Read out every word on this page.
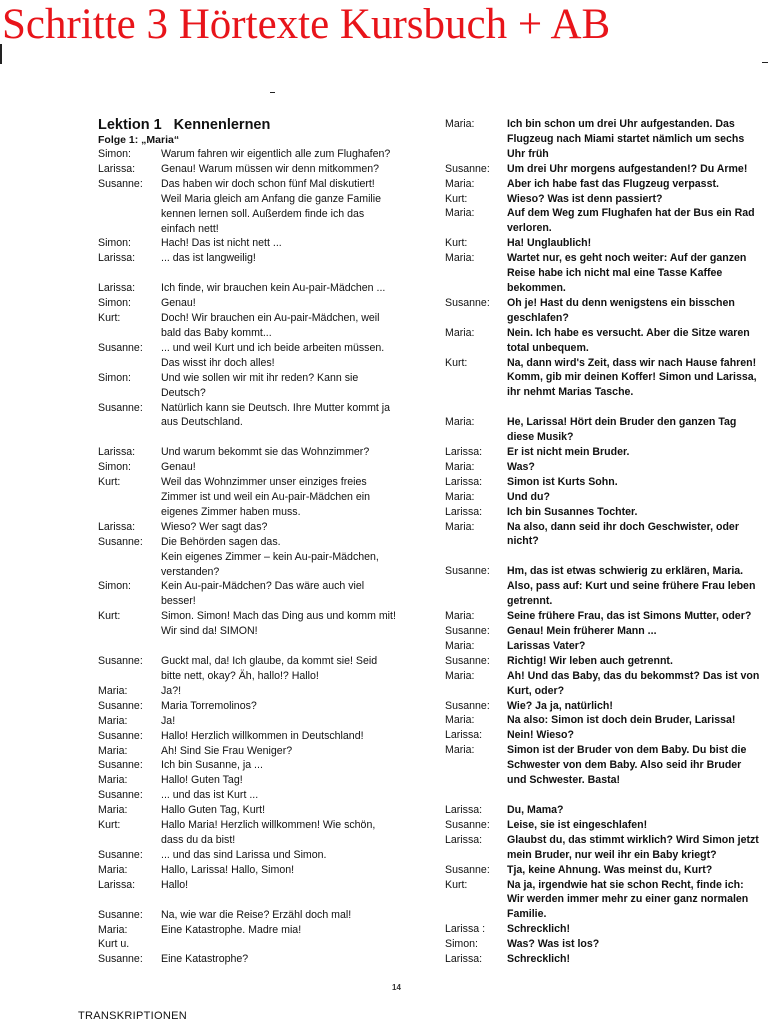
Schritte 3 Hörtexte Kursbuch + AB
Lektion 1 Kennenlernen
Folge 1: „Maria“
Simon:	Warum fahren wir eigentlich alle zum Flughafen?
Larissa:	Genau! Warum müssen wir denn mitkommen?
Susanne:	Das haben wir doch schon fünf Mal diskutiert!
Weil Maria gleich am Anfang die ganze Familie
kennen lernen soll. Außerdem finde ich das
einfach nett!
Simon:	Hach! Das ist nicht nett ...
Larissa:	... das ist langweilig!
Larissa:	Ich finde, wir brauchen kein Au-pair-Mädchen ...
Simon:	Genau!
Kurt:	Doch! Wir brauchen ein Au-pair-Mädchen, weil
bald das Baby kommt...
Susanne:	... und weil Kurt und ich beide arbeiten müssen.
Das wisst ihr doch alles!
Simon:	Und wie sollen wir mit ihr reden? Kann sie
Deutsch?
Susanne:	Natürlich kann sie Deutsch. Ihre Mutter kommt ja
aus Deutschland.
Larissa:	Und warum bekommt sie das Wohnzimmer?
Simon:	Genau!
Kurt:	Weil das Wohnzimmer unser einziges freies
Zimmer ist und weil ein Au-pair-Mädchen ein
eigenes Zimmer haben muss.
Larissa:	Wieso? Wer sagt das?
Susanne:	Die Behörden sagen das.
Kein eigenes Zimmer – kein Au-pair-Mädchen,
verstanden?
Simon:	Kein Au-pair-Mädchen? Das wäre auch viel
besser!
Kurt:	Simon. Simon! Mach das Ding aus und komm mit!
Wir sind da! SIMON!
Susanne:	Guckt mal, da! Ich glaube, da kommt sie! Seid
bitte nett, okay? Äh, hallo!? Hallo!
Maria:	Ja?!
Susanne:	Maria Torremolinos?
Maria:	Ja!
Susanne:	Hallo! Herzlich willkommen in Deutschland!
Maria:	Ah! Sind Sie Frau Weniger?
Susanne:	Ich bin Susanne, ja ...
Maria:	Hallo! Guten Tag!
Susanne:	... und das ist Kurt ...
Maria:	Hallo Guten Tag, Kurt!
Kurt:	Hallo Maria! Herzlich willkommen! Wie schön,
dass du da bist!
Susanne:	... und das sind Larissa und Simon.
Maria:	Hallo, Larissa! Hallo, Simon!
Larissa:	Hallo!
Susanne:	Na, wie war die Reise? Erzähl doch mal!
Maria:	Eine Katastrophe. Madre mia!
Kurt u.
Susanne:	Eine Katastrophe?
Maria:	Ich bin schon um drei Uhr aufgestanden. Das
Flugzeug nach Miami startet nämlich um sechs
Uhr früh
Susanne:	Um drei Uhr morgens aufgestanden!? Du Arme!
Maria:	Aber ich habe fast das Flugzeug verpasst.
Kurt:	Wieso? Was ist denn passiert?
Maria:	Auf dem Weg zum Flughafen hat der Bus ein Rad
verloren.
Kurt:	Ha! Unglaublich!
Maria:	Wartet nur, es geht noch weiter: Auf der ganzen
Reise habe ich nicht mal eine Tasse Kaffee
bekommen.
Susanne:	Oh je! Hast du denn wenigstens ein bisschen
geschlafen?
Maria:	Nein. Ich habe es versucht. Aber die Sitze waren
total unbequem.
Kurt:	Na, dann wird's Zeit, dass wir nach Hause fahren!
Komm, gib mir deinen Koffer! Simon und Larissa,
ihr nehmt Marias Tasche.
Maria:	He, Larissa! Hört dein Bruder den ganzen Tag
diese Musik?
Larissa:	Er ist nicht mein Bruder.
Maria:	Was?
Larissa:	Simon ist Kurts Sohn.
Maria:	Und du?
Larissa:	Ich bin Susannes Tochter.
Maria:	Na also, dann seid ihr doch Geschwister, oder
nicht?
Susanne:	Hm, das ist etwas schwierig zu erklären, Maria.
Also, pass auf: Kurt und seine frühere Frau leben
getrennt.
Maria:	Seine frühere Frau, das ist Simons Mutter, oder?
Susanne:	Genau! Mein früherer Mann ...
Maria:	Larissas Vater?
Susanne:	Richtig! Wir leben auch getrennt.
Maria:	Ah! Und das Baby, das du bekommst? Das ist von
Kurt, oder?
Susanne:	Wie? Ja ja, natürlich!
Maria:	Na also: Simon ist doch dein Bruder, Larissa!
Larissa:	Nein! Wieso?
Maria:	Simon ist der Bruder von dem Baby. Du bist die
Schwester von dem Baby. Also seid ihr Bruder
und Schwester. Basta!
Larissa:	Du, Mama?
Susanne:	Leise, sie ist eingeschlafen!
Larissa:	Glaubst du, das stimmt wirklich? Wird Simon jetzt
mein Bruder, nur weil ihr ein Baby kriegt?
Susanne:	Tja, keine Ahnung. Was meinst du, Kurt?
Kurt:	Na ja, irgendwie hat sie schon Recht, finde ich:
Wir werden immer mehr zu einer ganz normalen
Familie.
Larissa :	Schrecklich!
Simon:	Was? Was ist los?
Larissa:	Schrecklich!
14
TRANSKRIPTIONEN
